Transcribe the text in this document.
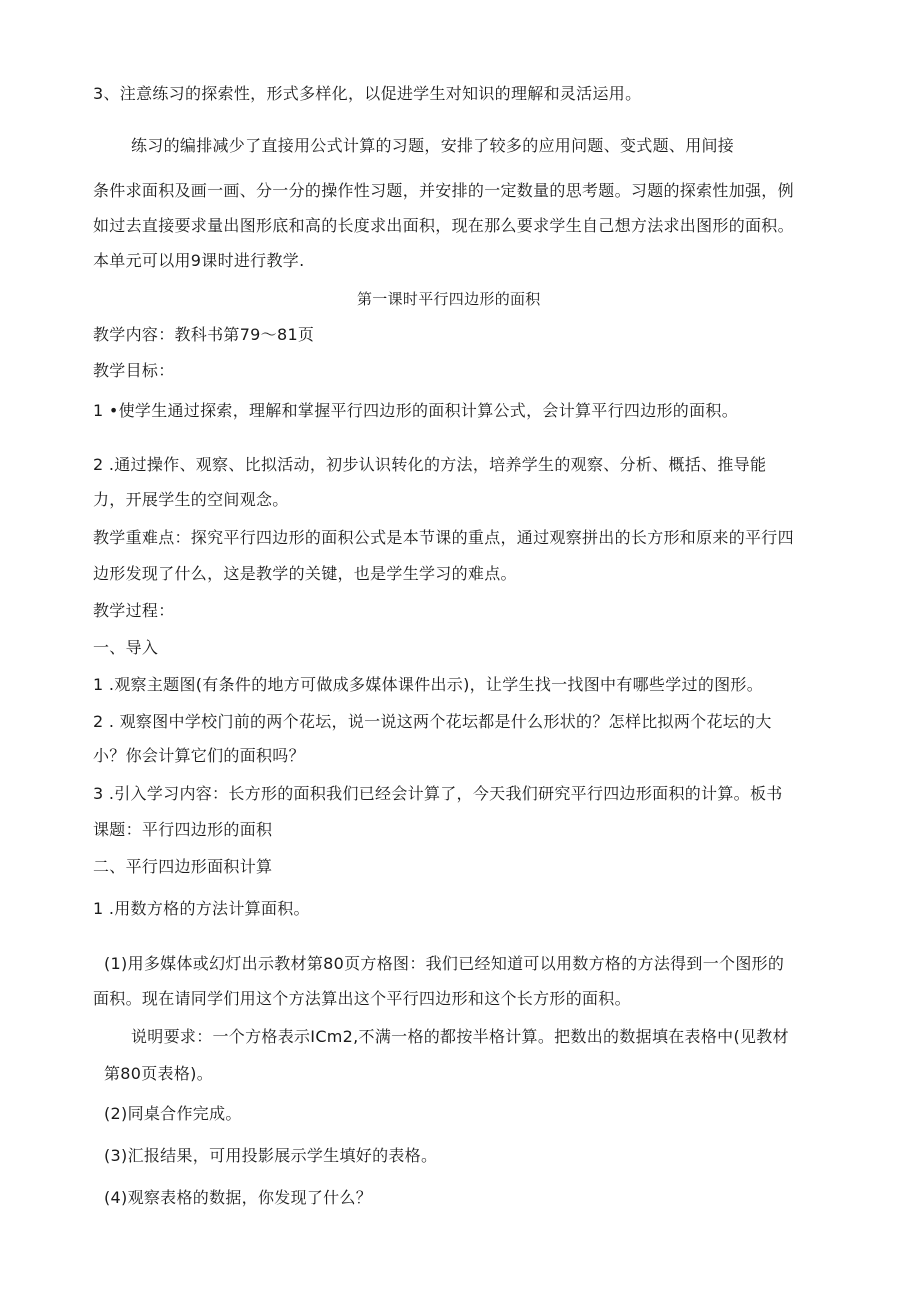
3、注意练习的探索性，形式多样化，以促进学生对知识的理解和灵活运用。
练习的编排减少了直接用公式计算的习题，安排了较多的应用问题、变式题、用间接
条件求面积及画一画、分一分的操作性习题，并安排的一定数量的思考题。习题的探索性加强，例
如过去直接要求量出图形底和高的长度求出面积，现在那么要求学生自己想方法求出图形的面积。
本单元可以用9课时进行教学.
第一课时平行四边形的面积
教学内容：教科书第79～81页
教学目标：
1 •使学生通过探索，理解和掌握平行四边形的面积计算公式，会计算平行四边形的面积。
2 .通过操作、观察、比拟活动，初步认识转化的方法，培养学生的观察、分析、概括、推导能
力，开展学生的空间观念。
教学重难点：探究平行四边形的面积公式是本节课的重点，通过观察拼出的长方形和原来的平行四
边形发现了什么，这是教学的关键，也是学生学习的难点。
教学过程：
一、导入
1 .观察主题图(有条件的地方可做成多媒体课件出示)，让学生找一找图中有哪些学过的图形。
2 . 观察图中学校门前的两个花坛，说一说这两个花坛都是什么形状的？怎样比拟两个花坛的大
小？你会计算它们的面积吗？
3 .引入学习内容：长方形的面积我们已经会计算了，今天我们研究平行四边形面积的计算。板书
课题：平行四边形的面积
二、平行四边形面积计算
1 .用数方格的方法计算面积。
(1)用多媒体或幻灯出示教材第80页方格图：我们已经知道可以用数方格的方法得到一个图形的
面积。现在请同学们用这个方法算出这个平行四边形和这个长方形的面积。
说明要求：一个方格表示ICm2,不满一格的都按半格计算。把数出的数据填在表格中(见教材
第80页表格)。
(2)同桌合作完成。
(3)汇报结果，可用投影展示学生填好的表格。
(4)观察表格的数据，你发现了什么？
